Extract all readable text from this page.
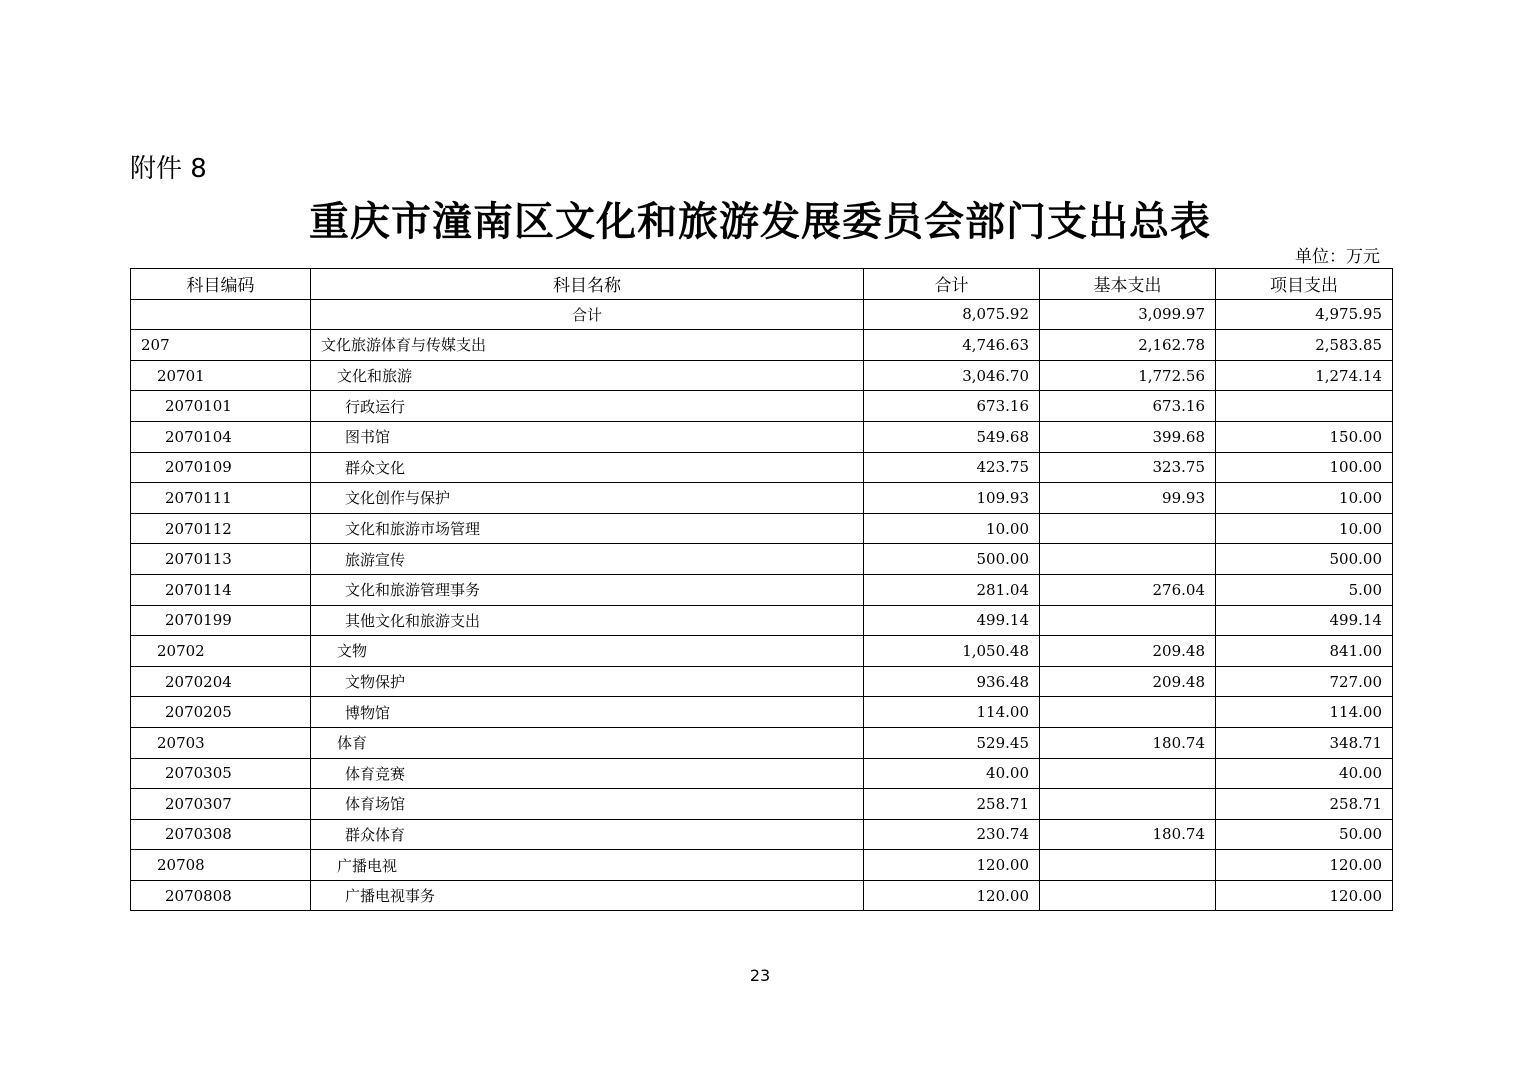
附件 8
重庆市潼南区文化和旅游发展委员会部门支出总表
单位：万元
科目编码	科目名称	合计	基本支出	项目支出
	合计	8,075.92	3,099.97	4,975.95
207	文化旅游体育与传媒支出	4,746.63	2,162.78	2,583.85
20701	文化和旅游	3,046.70	1,772.56	1,274.14
2070101	行政运行	673.16	673.16	
2070104	图书馆	549.68	399.68	150.00
2070109	群众文化	423.75	323.75	100.00
2070111	文化创作与保护	109.93	99.93	10.00
2070112	文化和旅游市场管理	10.00		10.00
2070113	旅游宣传	500.00		500.00
2070114	文化和旅游管理事务	281.04	276.04	5.00
2070199	其他文化和旅游支出	499.14		499.14
20702	文物	1,050.48	209.48	841.00
2070204	文物保护	936.48	209.48	727.00
2070205	博物馆	114.00		114.00
20703	体育	529.45	180.74	348.71
2070305	体育竞赛	40.00		40.00
2070307	体育场馆	258.71		258.71
2070308	群众体育	230.74	180.74	50.00
20708	广播电视	120.00		120.00
2070808	广播电视事务	120.00		120.00
23
